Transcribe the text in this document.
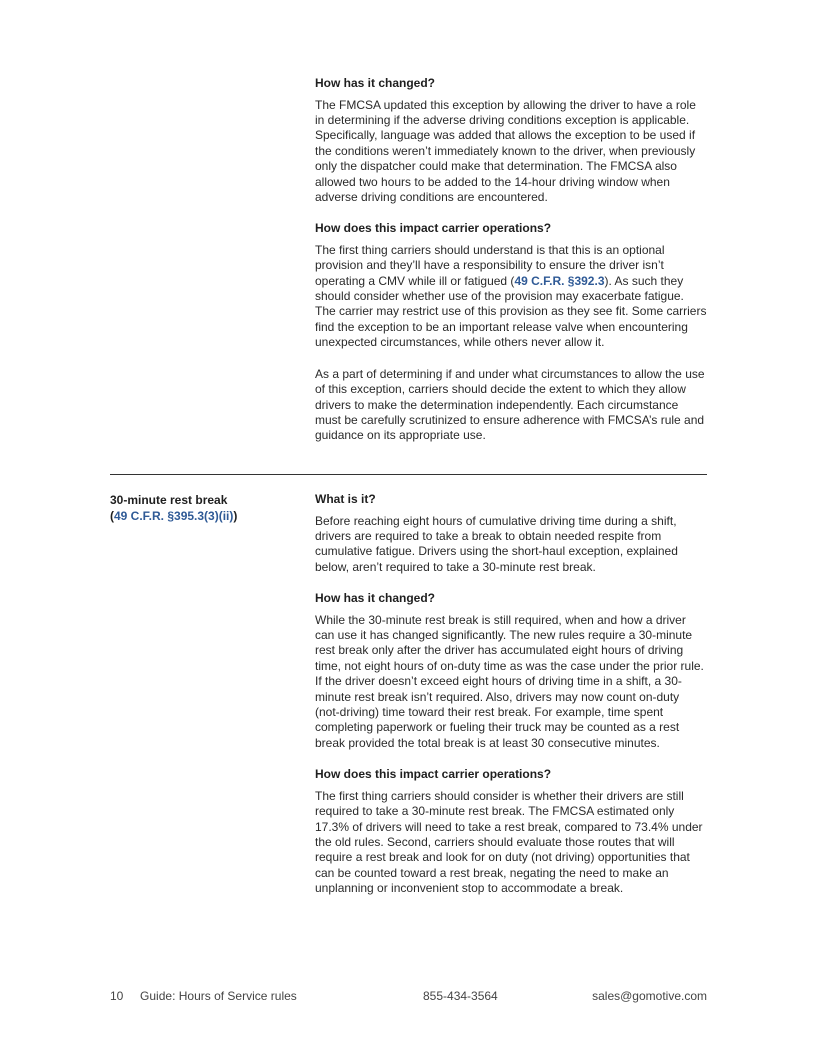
How has it changed?

The FMCSA updated this exception by allowing the driver to have a role in determining if the adverse driving conditions exception is applicable. Specifically, language was added that allows the exception to be used if the conditions weren’t immediately known to the driver, when previously only the dispatcher could make that determination. The FMCSA also allowed two hours to be added to the 14-hour driving window when adverse driving conditions are encountered.

How does this impact carrier operations?

The first thing carriers should understand is that this is an optional provision and they’ll have a responsibility to ensure the driver isn’t operating a CMV while ill or fatigued (49 C.F.R. §392.3). As such they should consider whether use of the provision may exacerbate fatigue. The carrier may restrict use of this provision as they see fit. Some carriers find the exception to be an important release valve when encountering unexpected circumstances, while others never allow it.

As a part of determining if and under what circumstances to allow the use of this exception, carriers should decide the extent to which they allow drivers to make the determination independently. Each circumstance must be carefully scrutinized to ensure adherence with FMCSA’s rule and guidance on its appropriate use.

30-minute rest break
(49 C.F.R. §395.3(3)(ii))
What is it?

Before reaching eight hours of cumulative driving time during a shift, drivers are required to take a break to obtain needed respite from cumulative fatigue. Drivers using the short-haul exception, explained below, aren’t required to take a 30-minute rest break.

How has it changed?

While the 30-minute rest break is still required, when and how a driver can use it has changed significantly. The new rules require a 30-minute rest break only after the driver has accumulated eight hours of driving time, not eight hours of on-duty time as was the case under the prior rule. If the driver doesn’t exceed eight hours of driving time in a shift, a 30-minute rest break isn’t required. Also, drivers may now count on-duty (not-driving) time toward their rest break. For example, time spent completing paperwork or fueling their truck may be counted as a rest break provided the total break is at least 30 consecutive minutes.

How does this impact carrier operations?

The first thing carriers should consider is whether their drivers are still required to take a 30-minute rest break. The FMCSA estimated only 17.3% of drivers will need to take a rest break, compared to 73.4% under the old rules. Second, carriers should evaluate those routes that will require a rest break and look for on duty (not driving) opportunities that can be counted toward a rest break, negating the need to make an unplanning or inconvenient stop to accommodate a break.

10 Guide: Hours of Service rules	855-434-3564	sales@gomotive.com
